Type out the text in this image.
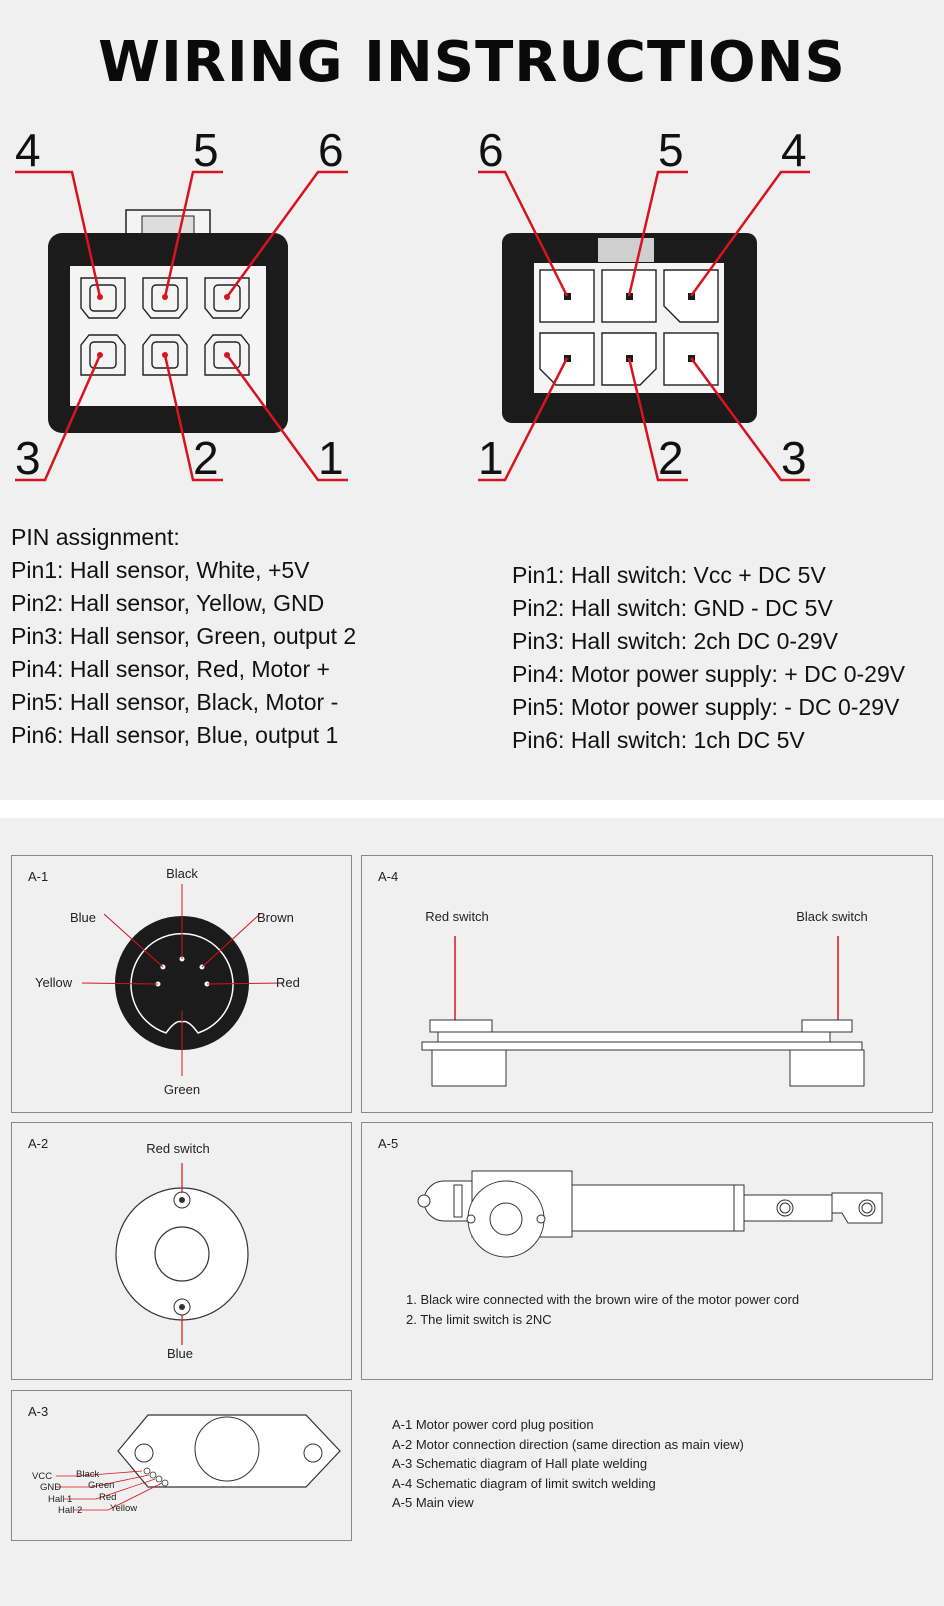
WIRING INSTRUCTIONS
4	5 6
3	2 1
6	5 4
1	2 3
PIN assignment:
Pin1: Hall sensor, White, +5V
Pin2: Hall sensor, Yellow, GND
Pin3: Hall sensor, Green, output 2
Pin4: Hall sensor, Red, Motor +
Pin5: Hall sensor, Black, Motor -
Pin6: Hall sensor, Blue, output 1
Pin1: Hall switch: Vcc + DC 5V
Pin2: Hall switch: GND - DC 5V
Pin3: Hall switch: 2ch DC 0-29V
Pin4: Motor power supply: + DC 0-29V
Pin5: Motor power supply: - DC 0-29V
Pin6: Hall switch: 1ch DC 5V
A-1	Black
Blue	Brown
Yellow	Red
Green
A-4
Red switch	Black switch
A-2	Red switch
Blue
A-5
1. Black wire connected with the brown wire of the motor power cord
2. The limit switch is 2NC
A-3
VCC
GND
Hall 1
Hall 2
Black
Green
Red
Yellow
A-1 Motor power cord plug position
A-2 Motor connection direction (same direction as main view)
A-3 Schematic diagram of Hall plate welding
A-4 Schematic diagram of limit switch welding
A-5 Main view
